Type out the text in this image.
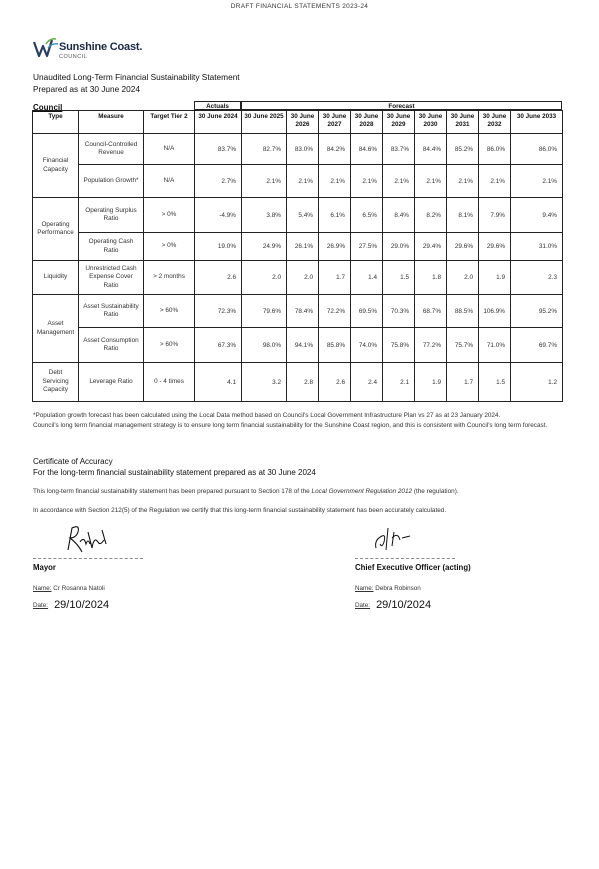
DRAFT FINANCIAL STATEMENTS 2023-24
Sunshine Coast.
COUNCIL
Unaudited Long-Term Financial Sustainability Statement
Prepared as at 30 June 2024
Council	Actuals	Forecast
Type	Measure	Target Tier 2	30 June 2024	30 June 2025	30 June 2026	30 June 2027	30 June 2028	30 June 2029	30 June 2030	30 June 2031	30 June 2032	30 June 2033
Financial Capacity	Council-Controlled Revenue	N/A	83.7%	82.7%	83.0%	84.2%	84.6%	83.7%	84.4%	85.2%	86.0%	86.0%
	Population Growth*	N/A	2.7%	2.1%	2.1%	2.1%	2.1%	2.1%	2.1%	2.1%	2.1%	2.1%
Operating Performance	Operating Surplus Ratio	> 0%	-4.9%	3.8%	5.4%	6.1%	6.5%	8.4%	8.2%	8.1%	7.9%	9.4%
	Operating Cash Ratio	> 0%	19.0%	24.9%	26.1%	26.9%	27.5%	29.0%	29.4%	29.6%	29.6%	31.0%
Liquidity	Unrestricted Cash Expense Cover Ratio	> 2 months	2.6	2.0	2.0	1.7	1.4	1.5	1.8	2.0	1.9	2.3
Asset Management	Asset Sustainability Ratio	> 60%	72.3%	79.6%	78.4%	72.2%	69.5%	70.3%	68.7%	88.5%	106.9%	95.2%
	Asset Consumption Ratio	> 60%	67.3%	98.0%	94.1%	85.8%	74.0%	75.8%	77.2%	75.7%	71.0%	69.7%
Debt Servicing Capacity	Leverage Ratio	0 - 4 times	4.1	3.2	2.8	2.6	2.4	2.1	1.9	1.7	1.5	1.2
*Population growth forecast has been calculated using the Local Data method based on Council's Local Government Infrastructure Plan vs 27 as at 23 January 2024.
Council's long term financial management strategy is to ensure long term financial sustainability for the Sunshine Coast region, and this is consistent with Council's long term forecast.
Certificate of Accuracy
For the long-term financial sustainability statement prepared as at 30 June 2024
This long-term financial sustainability statement has been prepared pursuant to Section 178 of the Local Government Regulation 2012 (the regulation).
In accordance with Section 212(5) of the Regulation we certify that this long-term financial sustainability statement has been accurately calculated.
Mayor	Chief Executive Officer (acting)
Name: Cr Rosanna Natoli	Name: Debra Robinson
Date: 29/10/2024	Date: 29/10/2024
